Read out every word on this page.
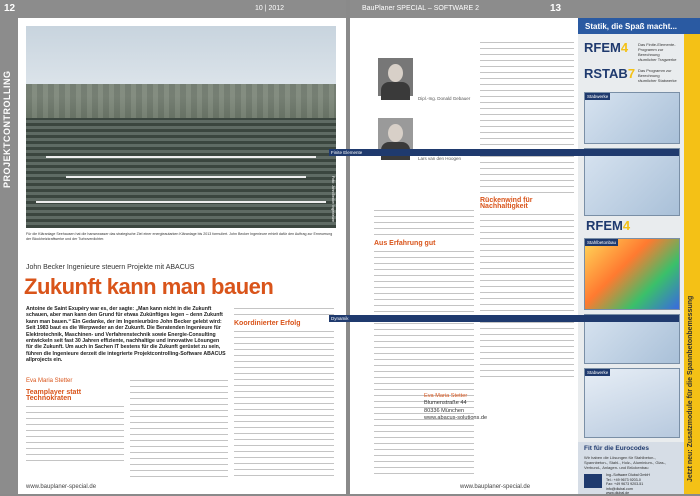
12	10 | 2012
PROJEKTCONTROLLING
Foto: John Becker Ingenieure
Für die Kläranlage Seehausen hat die hansewasser das strategische Ziel einer energieautarken Kläranlage bis 2013 formuliert. John Becker Ingenieure erhielt dafür den Auftrag zur Erneuerung der Blockheizkraftwerke und der Turboverdichter.
John Becker Ingenieure steuern Projekte mit ABACUS
Zukunft kann man bauen
Antoine de Saint Exupéry war es, der sagte: „Man kann nicht in die Zukunft schauen, aber man kann den Grund für etwas Zukünftiges legen – denn Zukunft kann man bauen.“ Ein Gedanke, der im Ingenieurbüro John Becker gelebt wird: Seit 1983 baut es die Werpweder an der Zukunft. Die Beratenden Ingenieure für Elektrotechnik, Maschinen- und Verfahrenstechnik sowie Energie-Consulting entwickeln seit fast 30 Jahren effiziente, nachhaltige und innovative Lösungen für die Zukunft. Um auch in Sachen IT bestens für die Zukunft gerüstet zu sein, führen die Ingenieure derzeit die integrierte Projektcontrolling-Software ABACUS allprojects ein.
Eva Maria Stetter
Teamplayer statt Technokraten
Koordinierter Erfolg
www.bauplaner-special.de
BauPlaner SPECIAL – SOFTWARE 2	13
Dipl.-Ing. Donald Gebauer
Lars van den Hoogen
Aus Erfahrung gut
Rückenwind für Nachhaltigkeit
Eva Maria Stetter
Blumenstraße 44
80336 München
www.abacus-solutions.de
www.bauplaner-special.de
Statik, die Spaß macht...
RFEM4	Das Finite-Elemente-Programm zur Berechnung räumlicher Tragwerke
RSTAB7 Das Programm zur Berechnung räumlicher Stabwerke
Stabwerke
Finite Elemente
RFEM4
Stahlbetonbau
Dynamik
Stabwerke	Jetzt neu: Zusatzmodule für die Spannbetonbemessung
Fit für die Eurocodes
Wir haben die Lösungen für Stahlbeton-, Spannbeton-, Stahl-, Holz-, Aluminium-, Glas-, Verbund-, Anlagen- und Brückenbau
Ing.-Software Dlubal GmbH
Tel.: +49 9673 9203-0
Fax: +49 9673 9203-51
info@dlubal.com
www.dlubal.de
